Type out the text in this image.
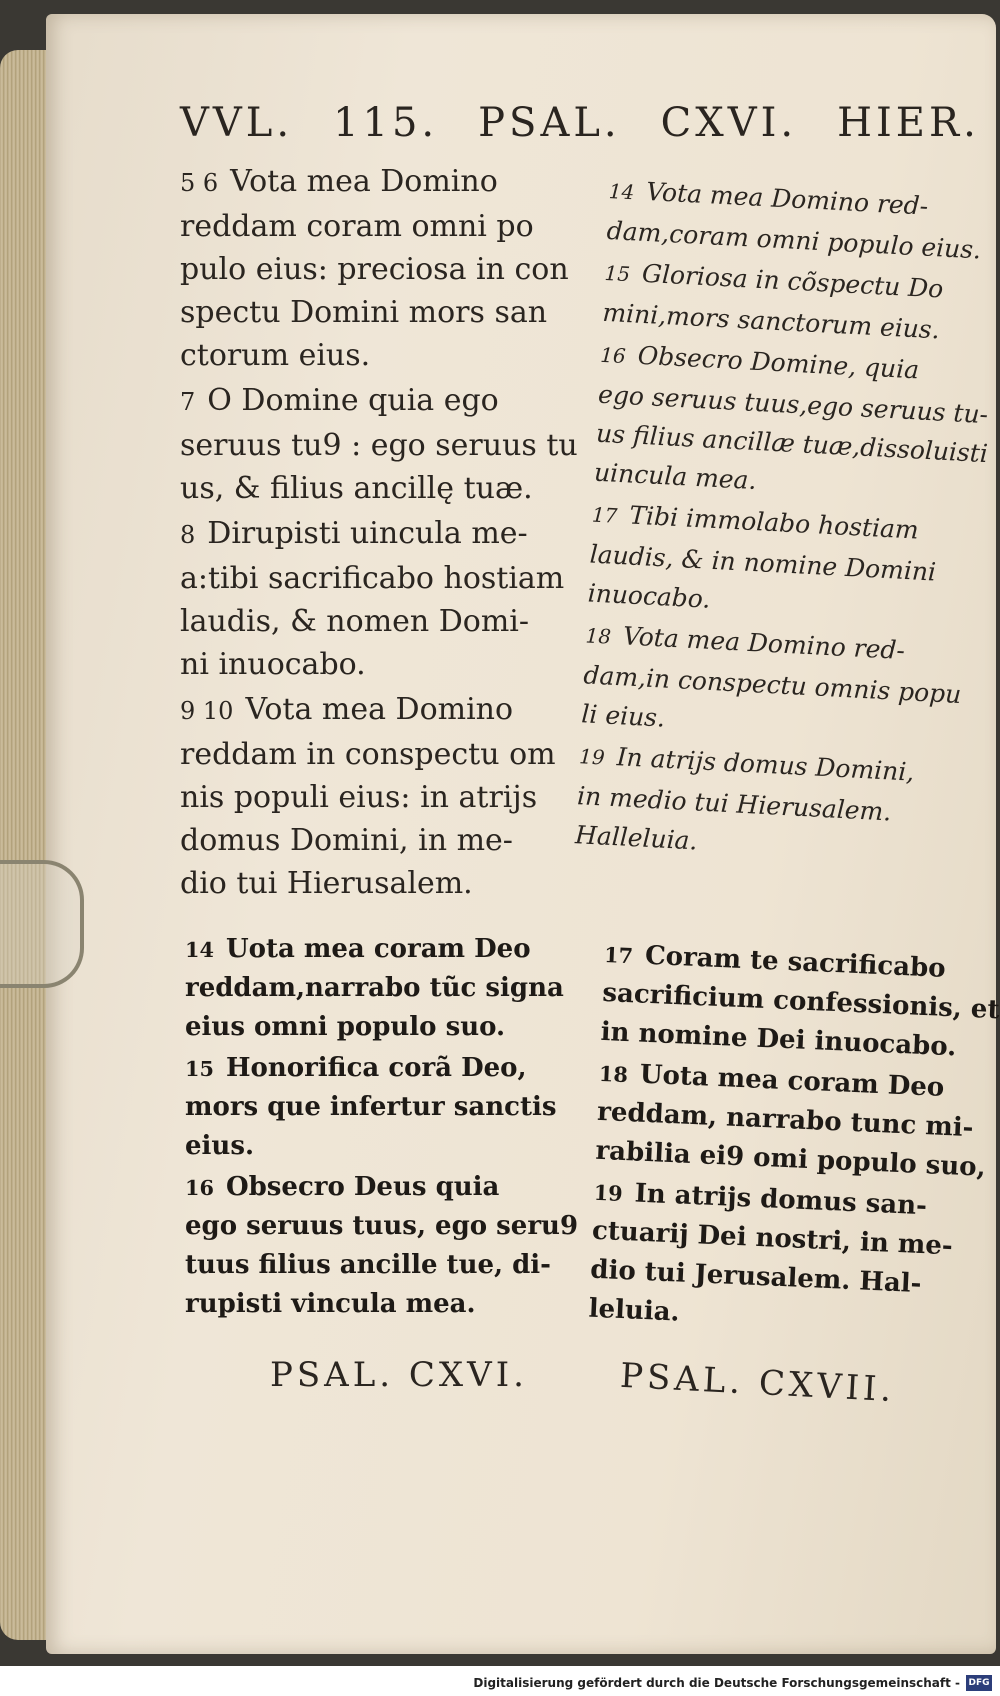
VVL. 115. PSAL. CXVI. HIER.
5 6 Vota mea Domino
reddam coram omni po
pulo eius: preciosa in con
spectu Domini mors san
ctorum eius.
7 O Domine quia ego
seruus tu9 : ego seruus tu
us, & filius ancillę tuæ.
8 Dirupisti uincula me-
a:tibi sacrificabo hostiam
laudis, & nomen Domi-
ni inuocabo.
9 10 Vota mea Domino
reddam in conspectu om
nis populi eius: in atrijs
domus Domini, in me-
dio tui Hierusalem.
14 Vota mea Domino red-
dam,coram omni populo eius.
15 Gloriosa in cõspectu Do
mini,mors sanctorum eius.
16 Obsecro Domine, quia
ego seruus tuus,ego seruus tu-
us filius ancillæ tuæ,dissoluisti
uincula mea.
17 Tibi immolabo hostiam
laudis, & in nomine Domini
inuocabo.
18 Vota mea Domino red-
dam,in conspectu omnis popu
li eius.
19 In atrijs domus Domini,
in medio tui Hierusalem.
Halleluia.
14 Uota mea coram Deo
reddam,narrabo tũc signa
eius omni populo suo.
15 Honorifica corã Deo,
mors que infertur sanctis
eius.
16 Obsecro Deus quia
ego seruus tuus, ego seru9
tuus filius ancille tue, di-
rupisti vincula mea.
17 Coram te sacrificabo
sacrificium confessionis, et
in nomine Dei inuocabo.
18 Uota mea coram Deo
reddam, narrabo tunc mi-
rabilia ei9 omi populo suo,
19 In atrijs domus san-
ctuarij Dei nostri, in me-
dio tui Jerusalem. Hal-
leluia.
PSAL. CXVI.	PSAL. CXVII.
Digitalisierung gefördert durch die Deutsche Forschungsgemeinschaft - DFG
